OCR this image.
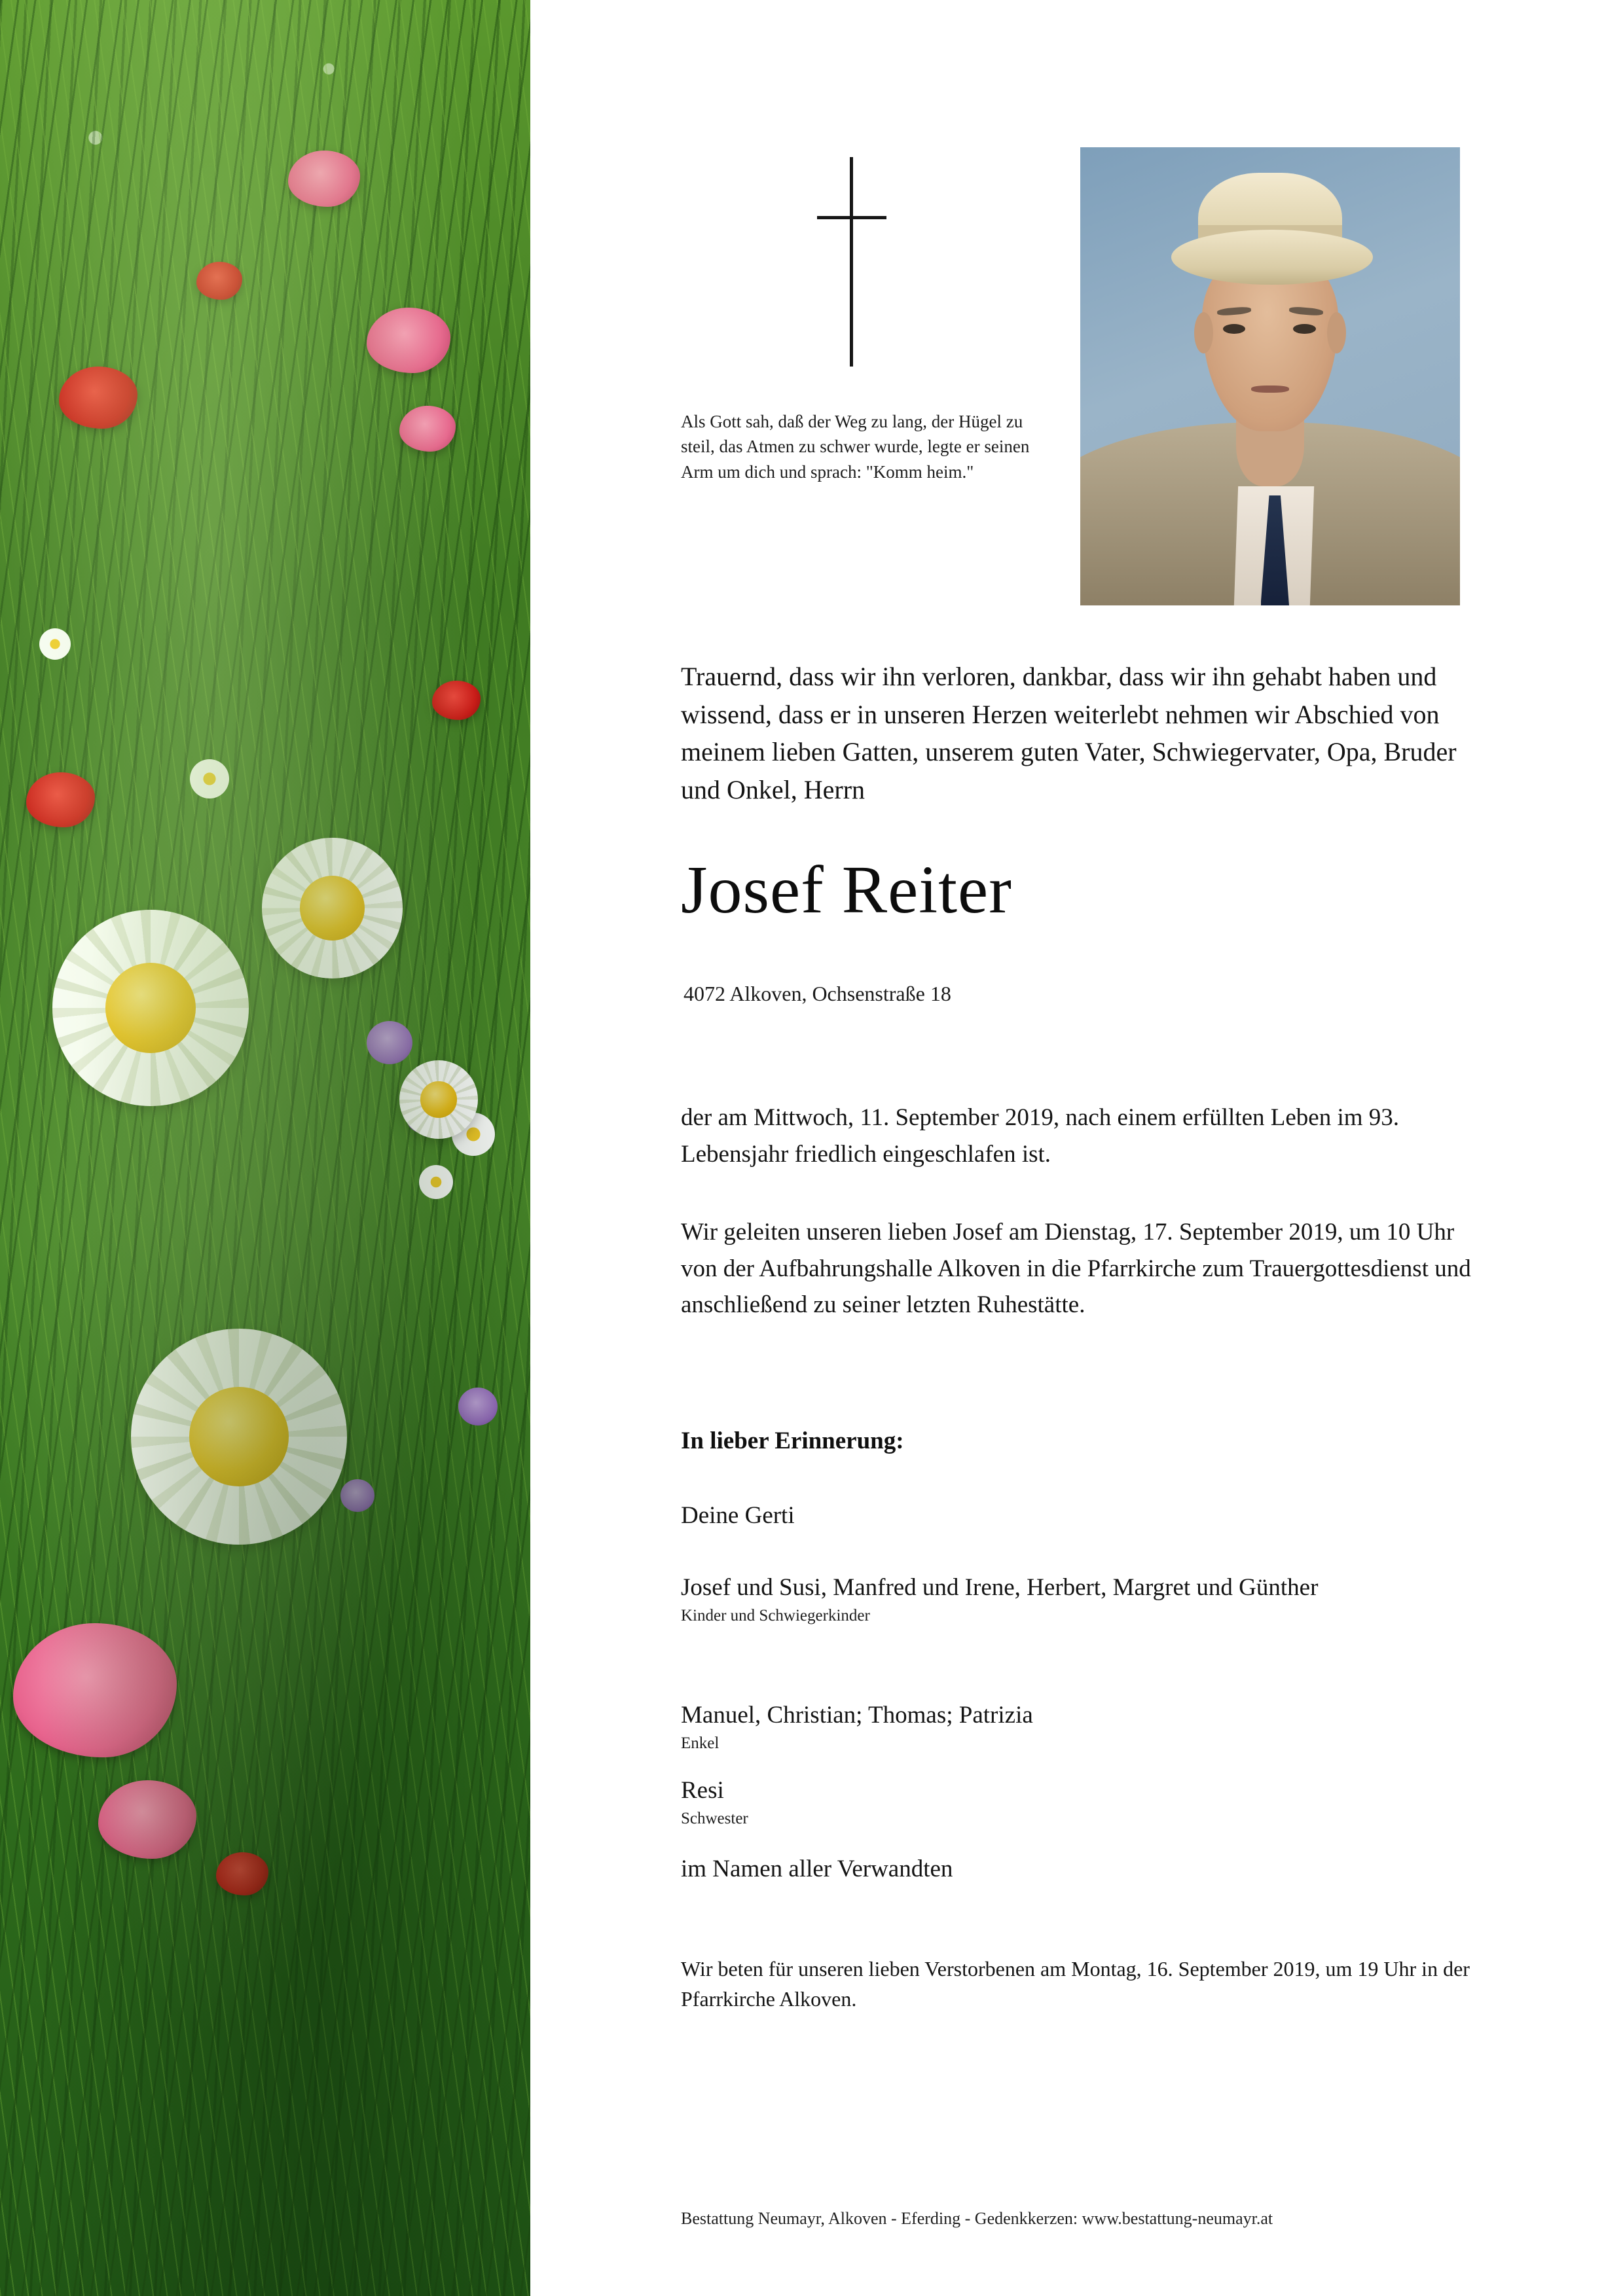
Als Gott sah, daß der Weg zu lang, der Hügel zu steil, das Atmen zu schwer wurde, legte er seinen Arm um dich und sprach: "Komm heim."
Trauernd, dass wir ihn verloren, dankbar, dass wir ihn gehabt haben und wissend, dass er in unseren Herzen weiterlebt nehmen wir Abschied von meinem lieben Gatten, unserem guten Vater, Schwiegervater, Opa, Bruder und Onkel, Herrn
Josef Reiter
4072 Alkoven, Ochsenstraße 18
der am Mittwoch, 11. September 2019, nach einem erfüllten Leben im 93. Lebensjahr friedlich eingeschlafen ist.
Wir geleiten unseren lieben Josef am Dienstag, 17. September 2019, um 10 Uhr von der Aufbahrungshalle Alkoven in die Pfarrkirche zum Trauergottesdienst und anschließend zu seiner letzten Ruhestätte.
In lieber Erinnerung:
Deine Gerti
Josef und Susi, Manfred und Irene, Herbert, Margret und Günther
Kinder und Schwiegerkinder
Manuel, Christian; Thomas; Patrizia
Enkel
Resi
Schwester
im Namen aller Verwandten
Wir beten für unseren lieben Verstorbenen am Montag, 16. September 2019, um 19 Uhr in der Pfarrkirche Alkoven.
Bestattung Neumayr, Alkoven - Eferding - Gedenkkerzen: www.bestattung-neumayr.at
